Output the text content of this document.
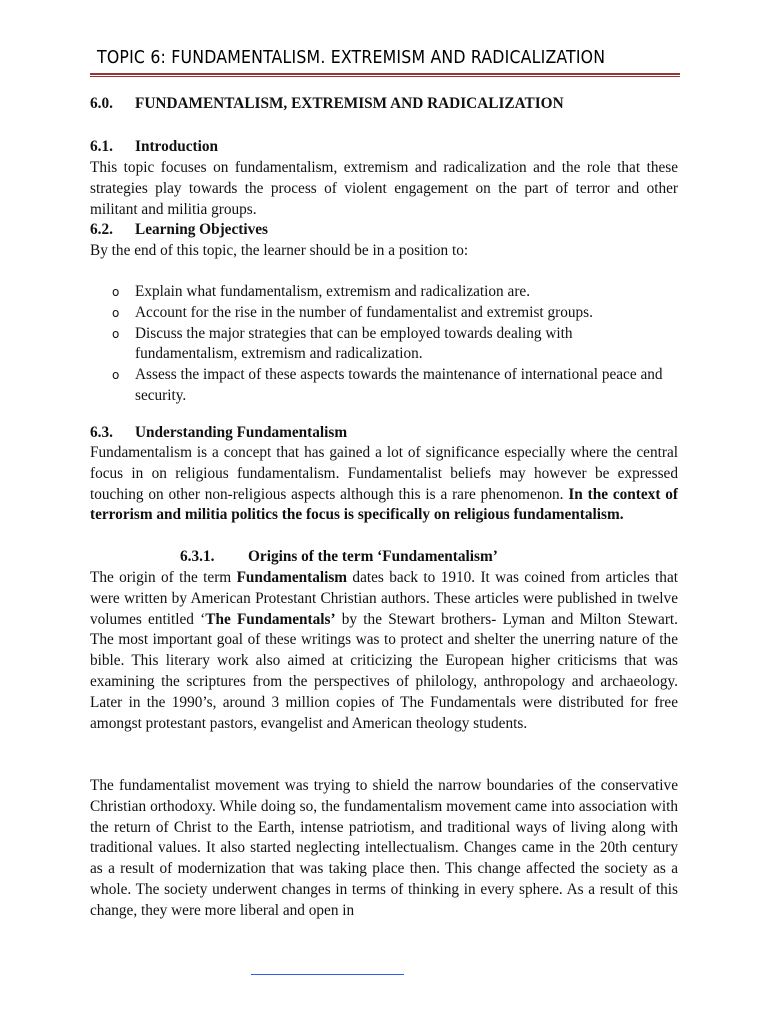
TOPIC 6: FUNDAMENTALISM. EXTREMISM AND RADICALIZATION
6.0. FUNDAMENTALISM, EXTREMISM AND RADICALIZATION
6.1. Introduction
This topic focuses on fundamentalism, extremism and radicalization and the role that these strategies play towards the process of violent engagement on the part of terror and other militant and militia groups.
6.2. Learning Objectives
By the end of this topic, the learner should be in a position to:
o Explain what fundamentalism, extremism and radicalization are.
o Account for the rise in the number of fundamentalist and extremist groups.
o Discuss the major strategies that can be employed towards dealing with fundamentalism, extremism and radicalization.
o Assess the impact of these aspects towards the maintenance of international peace and security.
6.3. Understanding Fundamentalism
Fundamentalism is a concept that has gained a lot of significance especially where the central focus in on religious fundamentalism. Fundamentalist beliefs may however be expressed touching on other non-religious aspects although this is a rare phenomenon. In the context of terrorism and militia politics the focus is specifically on religious fundamentalism.
6.3.1. Origins of the term ‘Fundamentalism’
The origin of the term Fundamentalism dates back to 1910. It was coined from articles that were written by American Protestant Christian authors. These articles were published in twelve volumes entitled ‘The Fundamentals’ by the Stewart brothers- Lyman and Milton Stewart. The most important goal of these writings was to protect and shelter the unerring nature of the bible. This literary work also aimed at criticizing the European higher criticisms that was examining the scriptures from the perspectives of philology, anthropology and archaeology. Later in the 1990’s, around 3 million copies of The Fundamentals were distributed for free amongst protestant pastors, evangelist and American theology students.
The fundamentalist movement was trying to shield the narrow boundaries of the conservative Christian orthodoxy. While doing so, the fundamentalism movement came into association with the return of Christ to the Earth, intense patriotism, and traditional ways of living along with traditional values. It also started neglecting intellectualism. Changes came in the 20th century as a result of modernization that was taking place then. This change affected the society as a whole. The society underwent changes in terms of thinking in every sphere. As a result of this change, they were more liberal and open in
